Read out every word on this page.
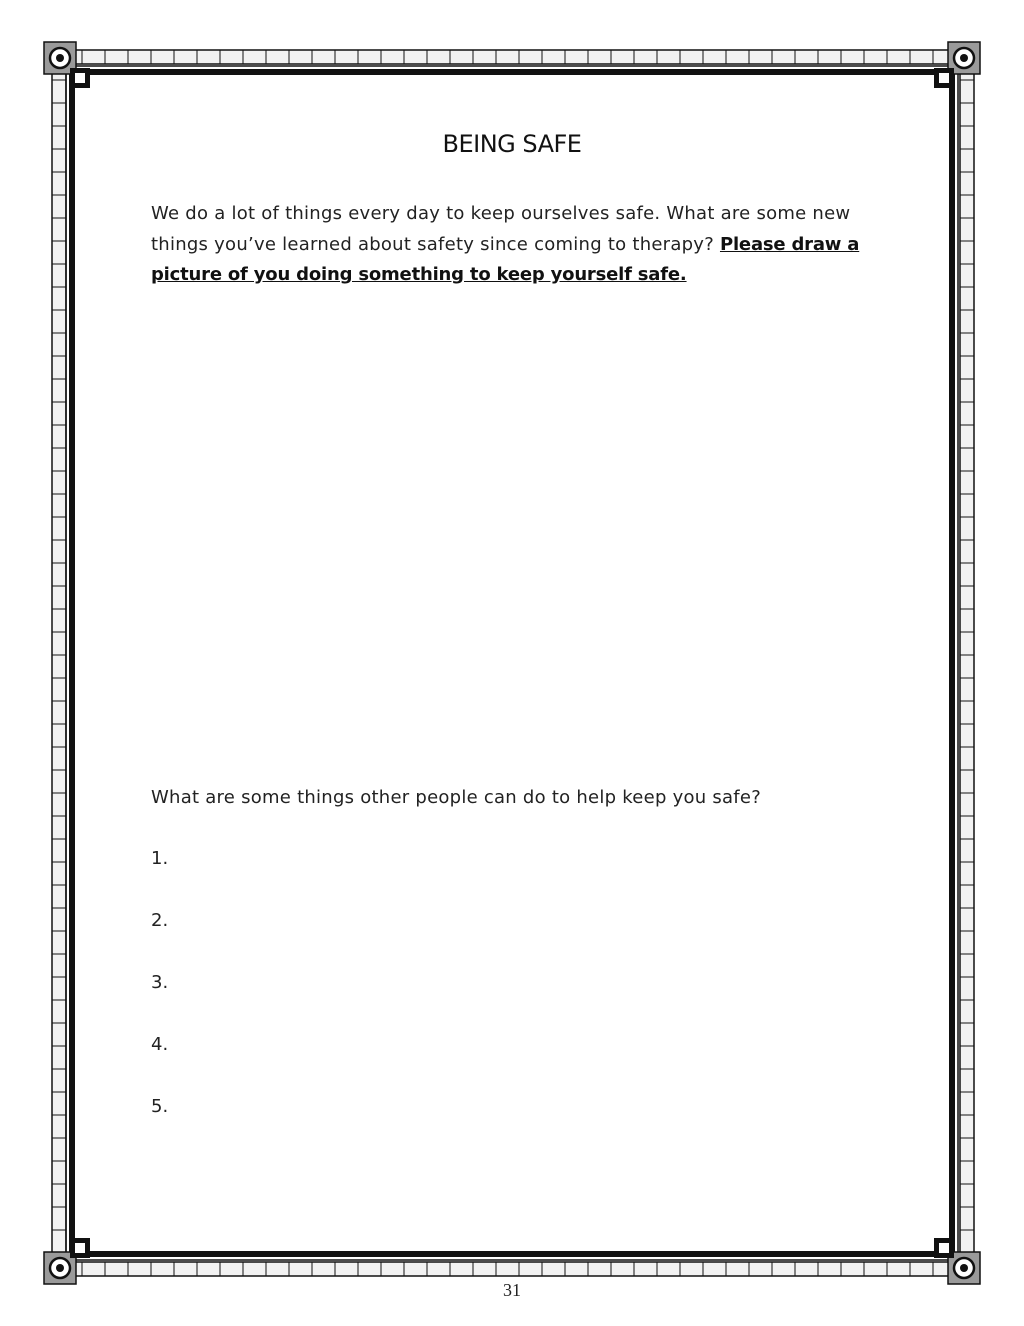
BEING SAFE
We do a lot of things every day to keep ourselves safe. What are some new things you’ve learned about safety since coming to therapy? Please draw a picture of you doing something to keep yourself safe.
What are some things other people can do to help keep you safe?
1.
2.
3.
4.
5.
31
